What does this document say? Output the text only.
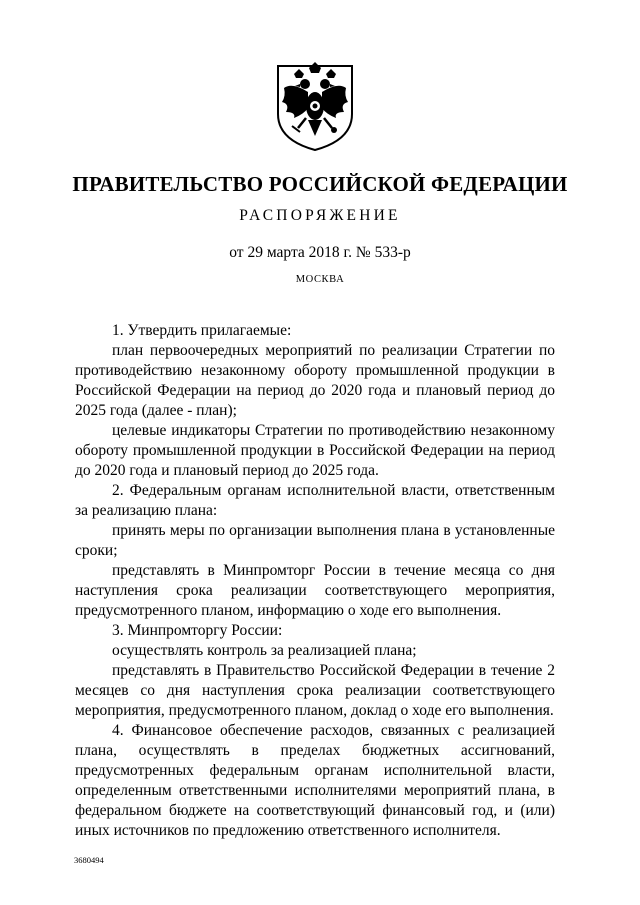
ПРАВИТЕЛЬСТВО РОССИЙСКОЙ ФЕДЕРАЦИИ
РАСПОРЯЖЕНИЕ
от 29 марта 2018 г. № 533-р
МОСКВА

1. Утвердить прилагаемые:

план первоочередных мероприятий по реализации Стратегии по противодействию незаконному обороту промышленной продукции в Российской Федерации на период до 2020 года и плановый период до 2025 года (далее - план);

целевые индикаторы Стратегии по противодействию незаконному обороту промышленной продукции в Российской Федерации на период до 2020 года и плановый период до 2025 года.

2. Федеральным органам исполнительной власти, ответственным за реализацию плана:

принять меры по организации выполнения плана в установленные сроки;

представлять в Минпромторг России в течение месяца со дня наступления срока реализации соответствующего мероприятия, предусмотренного планом, информацию о ходе его выполнения.

3. Минпромторгу России:

осуществлять контроль за реализацией плана;

представлять в Правительство Российской Федерации в течение 2 месяцев со дня наступления срока реализации соответствующего мероприятия, предусмотренного планом, доклад о ходе его выполнения.

4. Финансовое обеспечение расходов, связанных с реализацией плана, осуществлять в пределах бюджетных ассигнований, предусмотренных федеральным органам исполнительной власти, определенным ответственными исполнителями мероприятий плана, в федеральном бюджете на соответствующий финансовый год, и (или) иных источников по предложению ответственного исполнителя.

3680494
